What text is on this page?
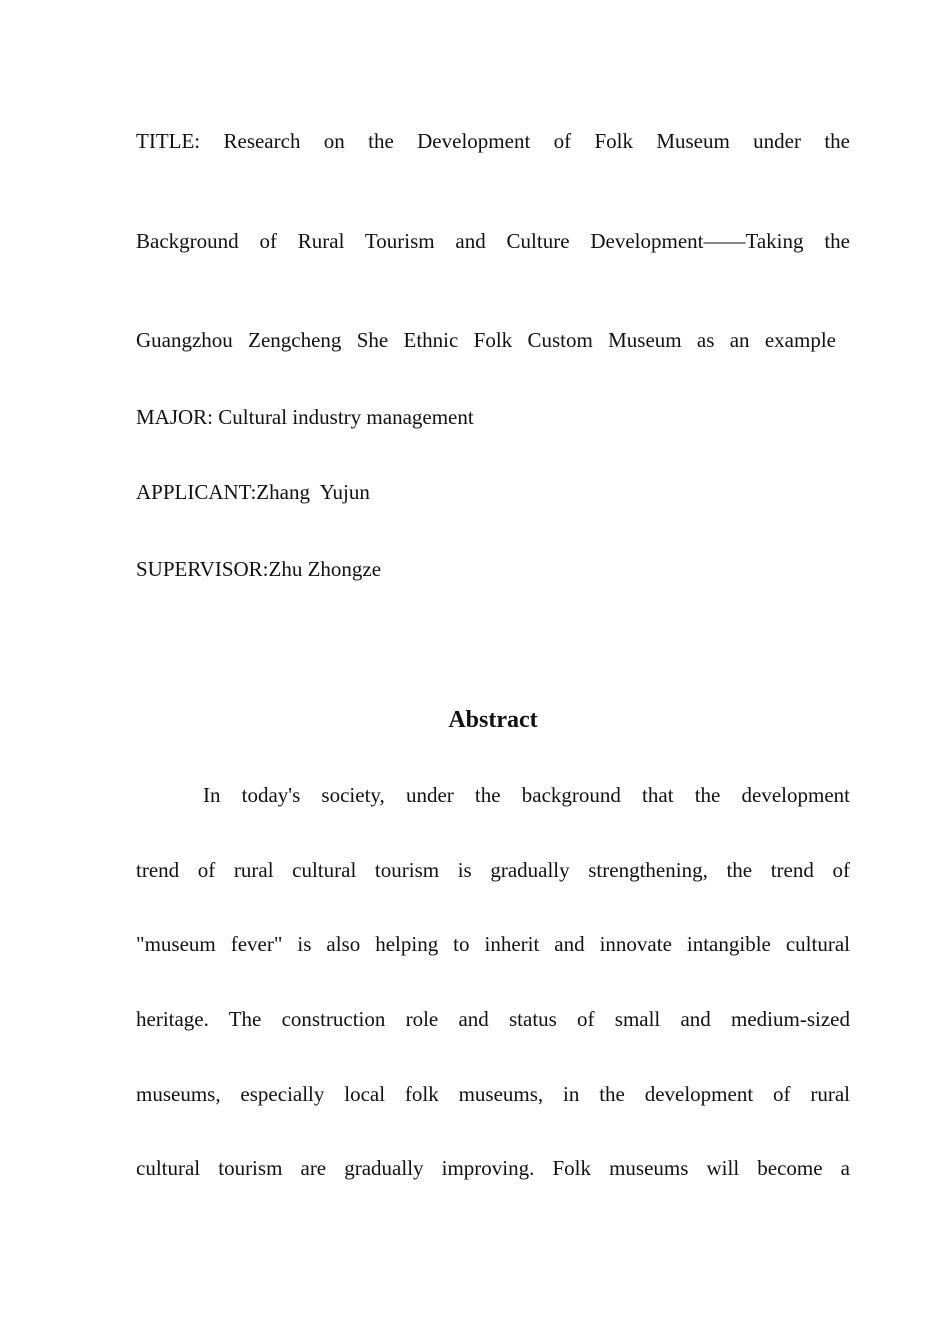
TITLE: Research on the Development of Folk Museum under the
Background of Rural Tourism and Culture Development——Taking the
Guangzhou Zengcheng She Ethnic Folk Custom Museum as an example
MAJOR: Cultural industry management
APPLICANT:Zhang  Yujun
SUPERVISOR:Zhu Zhongze
Abstract
In today's society, under the background that the development
trend of rural cultural tourism is gradually strengthening, the trend of
"museum fever" is also helping to inherit and innovate intangible cultural
heritage. The construction role and status of small and medium-sized
museums, especially local folk museums, in the development of rural
cultural tourism are gradually improving. Folk museums will become a
